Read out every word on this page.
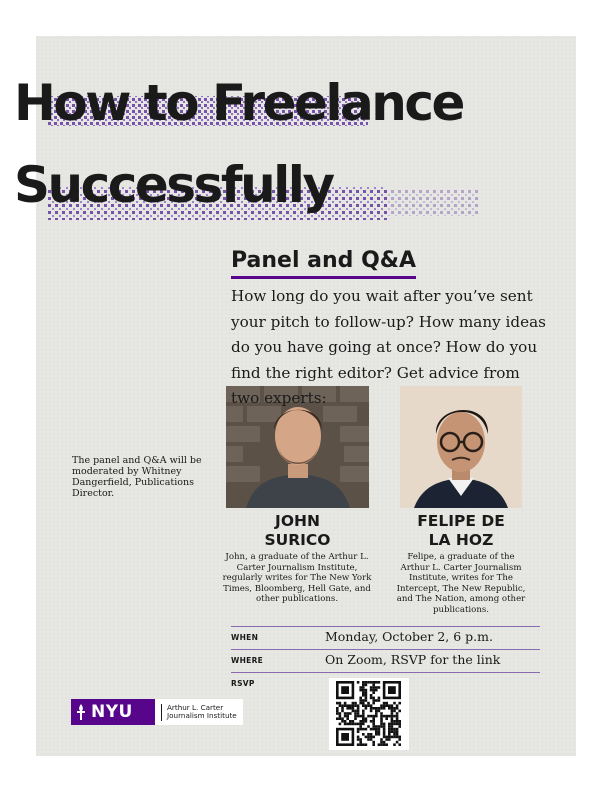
How to Freelance
Successfully
Panel and Q&A

How long do you wait after you’ve sent your pitch to follow-up? How many ideas do you have going at once? How do you find the right editor? Get advice from two experts:

The panel and Q&A will be moderated by Whitney Dangerfield, Publications Director.

JOHN
SURICO

John, a graduate of the Arthur L. Carter Journalism Institute, regularly writes for The New York Times, Bloomberg, Hell Gate, and other publications.

FELIPE DE
LA HOZ

Felipe, a graduate of the Arthur L. Carter Journalism Institute, writes for The Intercept, The New Republic, and The Nation, among other publications.

WHEN	Monday, October 2, 6 p.m.
WHERE	On Zoom, RSVP for the link
RSVP
NYU	Arthur L. Carter
Journalism Institute
